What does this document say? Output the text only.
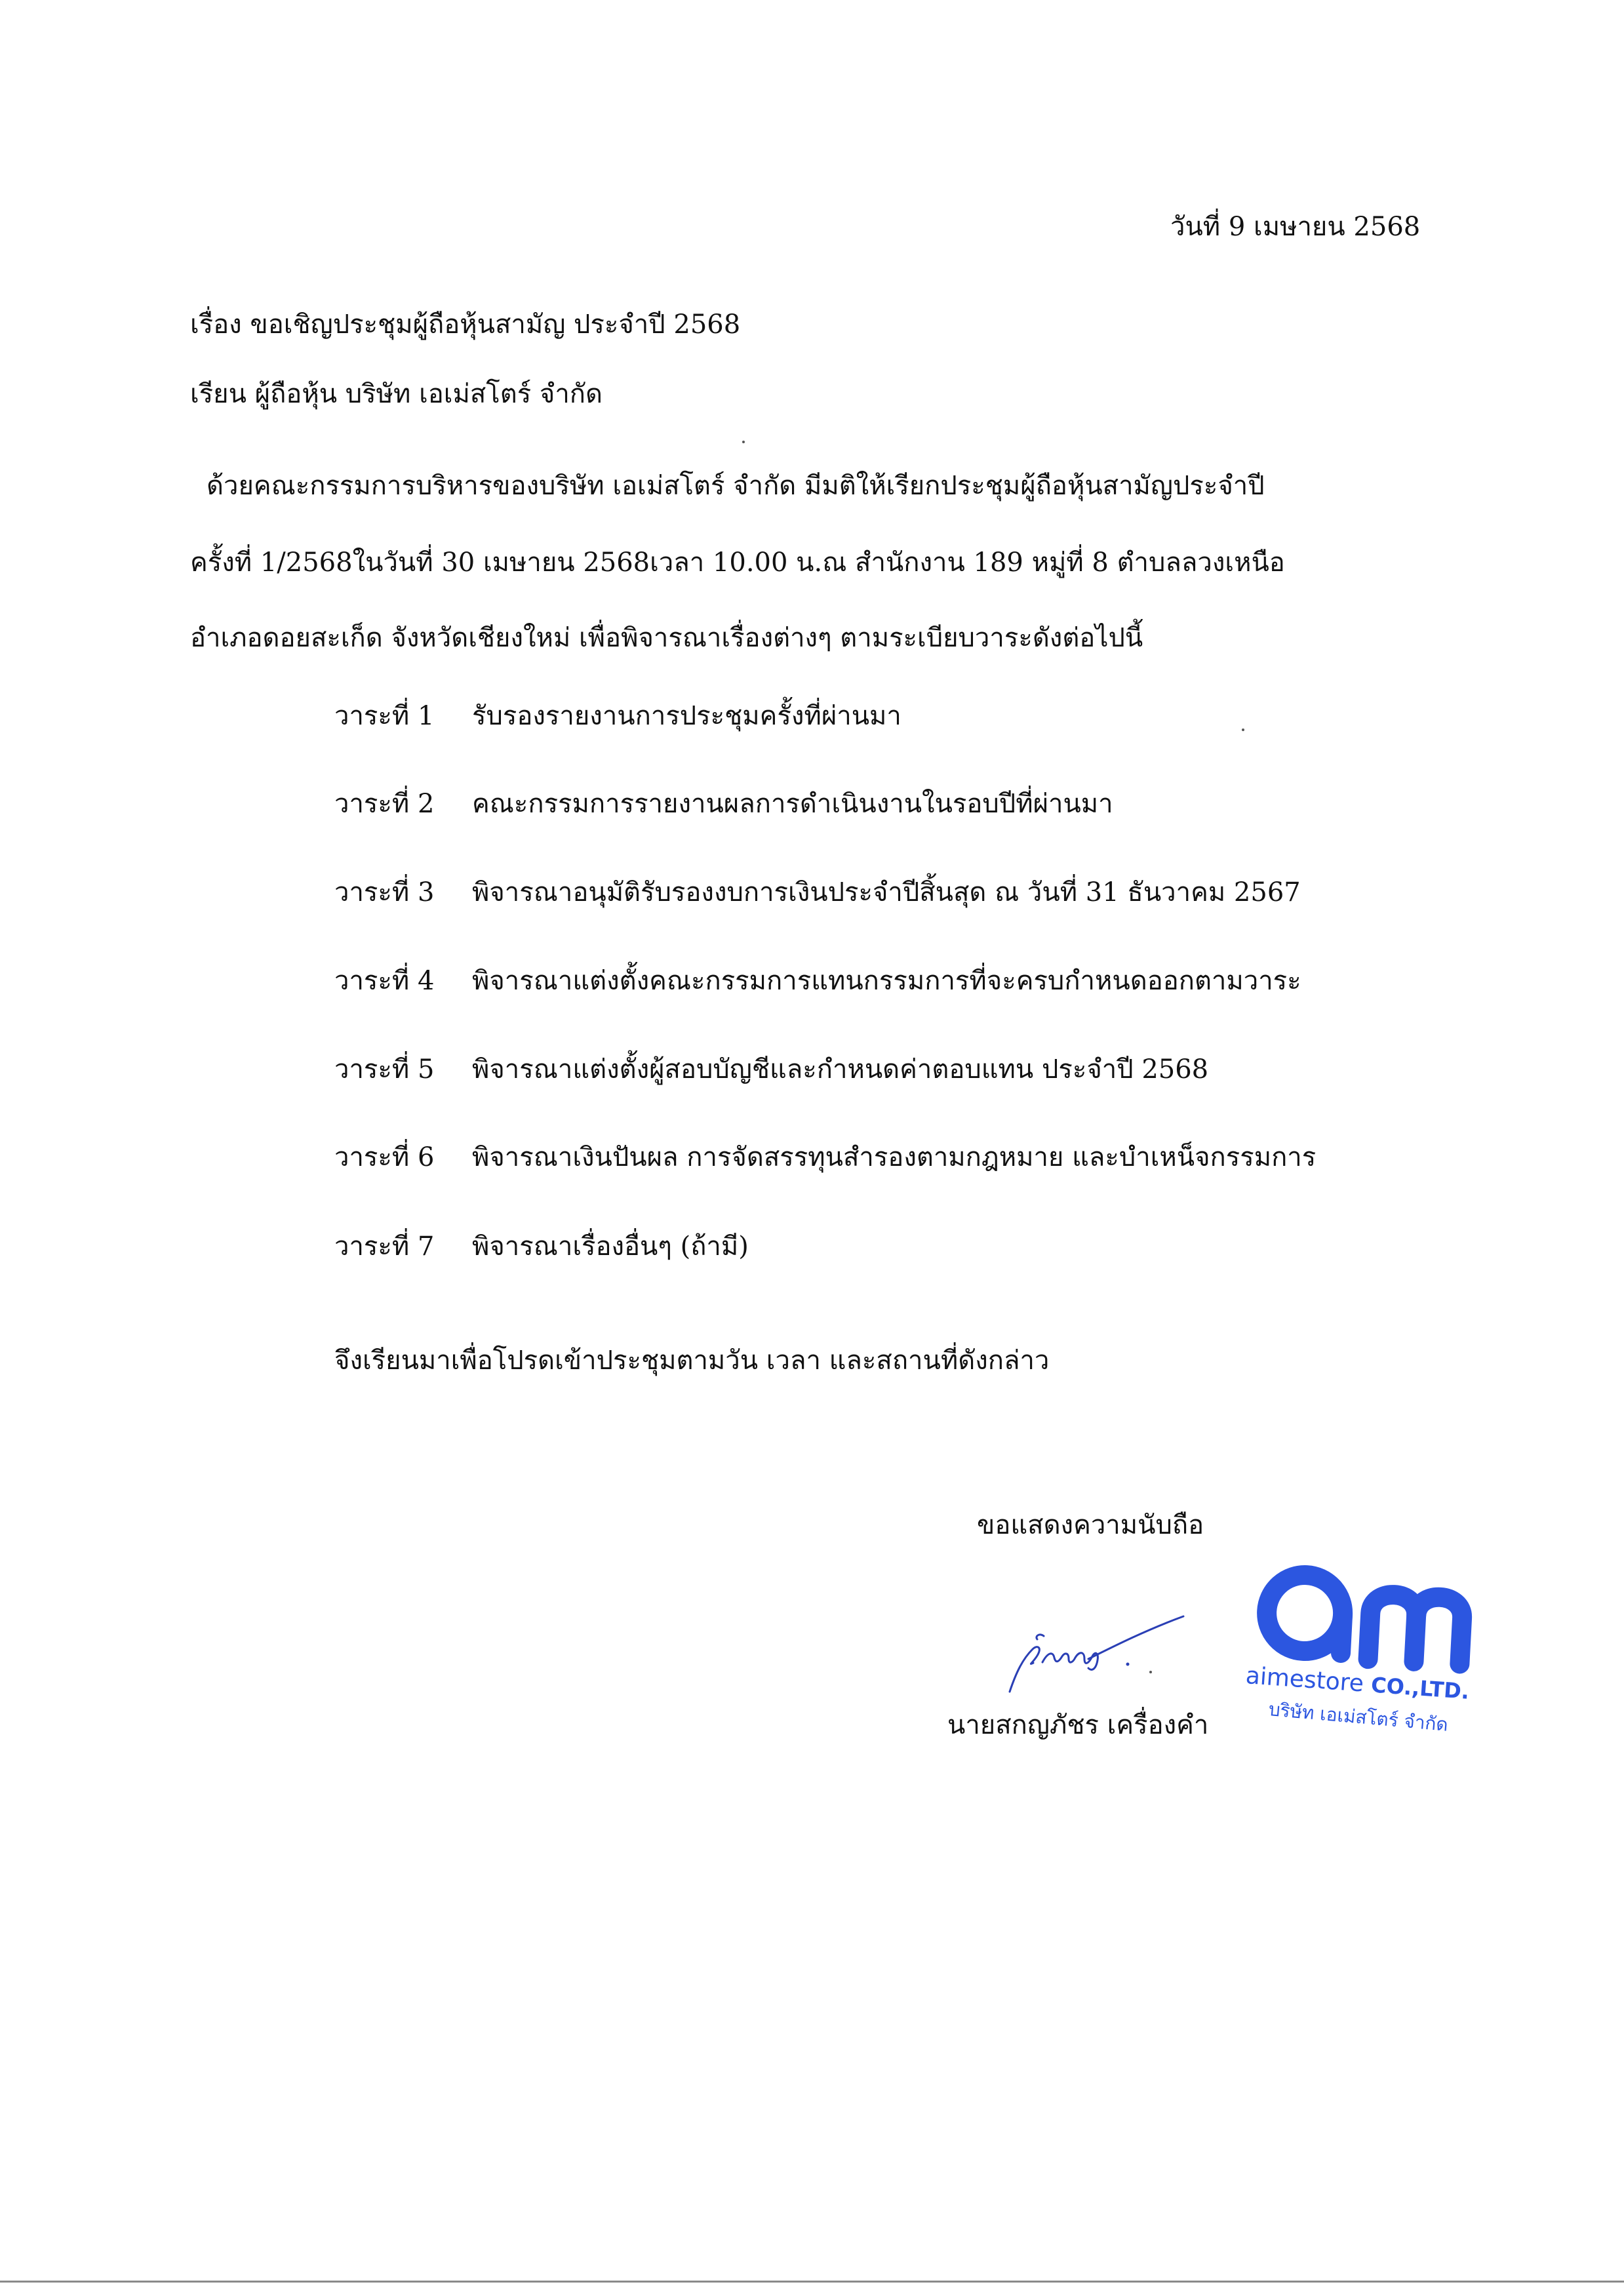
วันที่ 9 เมษายน 2568
เรื่อง ขอเชิญประชุมผู้ถือหุ้นสามัญ ประจำปี 2568
เรียน ผู้ถือหุ้น บริษัท เอเม่สโตร์ จำกัด
ด้วยคณะกรรมการบริหารของบริษัท เอเม่สโตร์ จำกัด มีมติให้เรียกประชุมผู้ถือหุ้นสามัญประจำปี
ครั้งที่ 1/2568ในวันที่ 30 เมษายน 2568เวลา 10.00 น.ณ สำนักงาน 189 หมู่ที่ 8 ตำบลลวงเหนือ
อำเภอดอยสะเก็ด จังหวัดเชียงใหม่ เพื่อพิจารณาเรื่องต่างๆ ตามระเบียบวาระดังต่อไปนี้
วาระที่ 1 รับรองรายงานการประชุมครั้งที่ผ่านมา
วาระที่ 2 คณะกรรมการรายงานผลการดำเนินงานในรอบปีที่ผ่านมา
วาระที่ 3 พิจารณาอนุมัติรับรองงบการเงินประจำปีสิ้นสุด ณ วันที่ 31 ธันวาคม 2567
วาระที่ 4 พิจารณาแต่งตั้งคณะกรรมการแทนกรรมการที่จะครบกำหนดออกตามวาระ
วาระที่ 5 พิจารณาแต่งตั้งผู้สอบบัญชีและกำหนดค่าตอบแทน ประจำปี 2568
วาระที่ 6 พิจารณาเงินปันผล การจัดสรรทุนสำรองตามกฎหมาย และบำเหน็จกรรมการ
วาระที่ 7 พิจารณาเรื่องอื่นๆ (ถ้ามี)
จึงเรียนมาเพื่อโปรดเข้าประชุมตามวัน เวลา และสถานที่ดังกล่าว
ขอแสดงความนับถือ
นายสกญภัชร เครื่องคำ
aimestore CO.,LTD.
บริษัท เอเม่สโตร์ จำกัด
